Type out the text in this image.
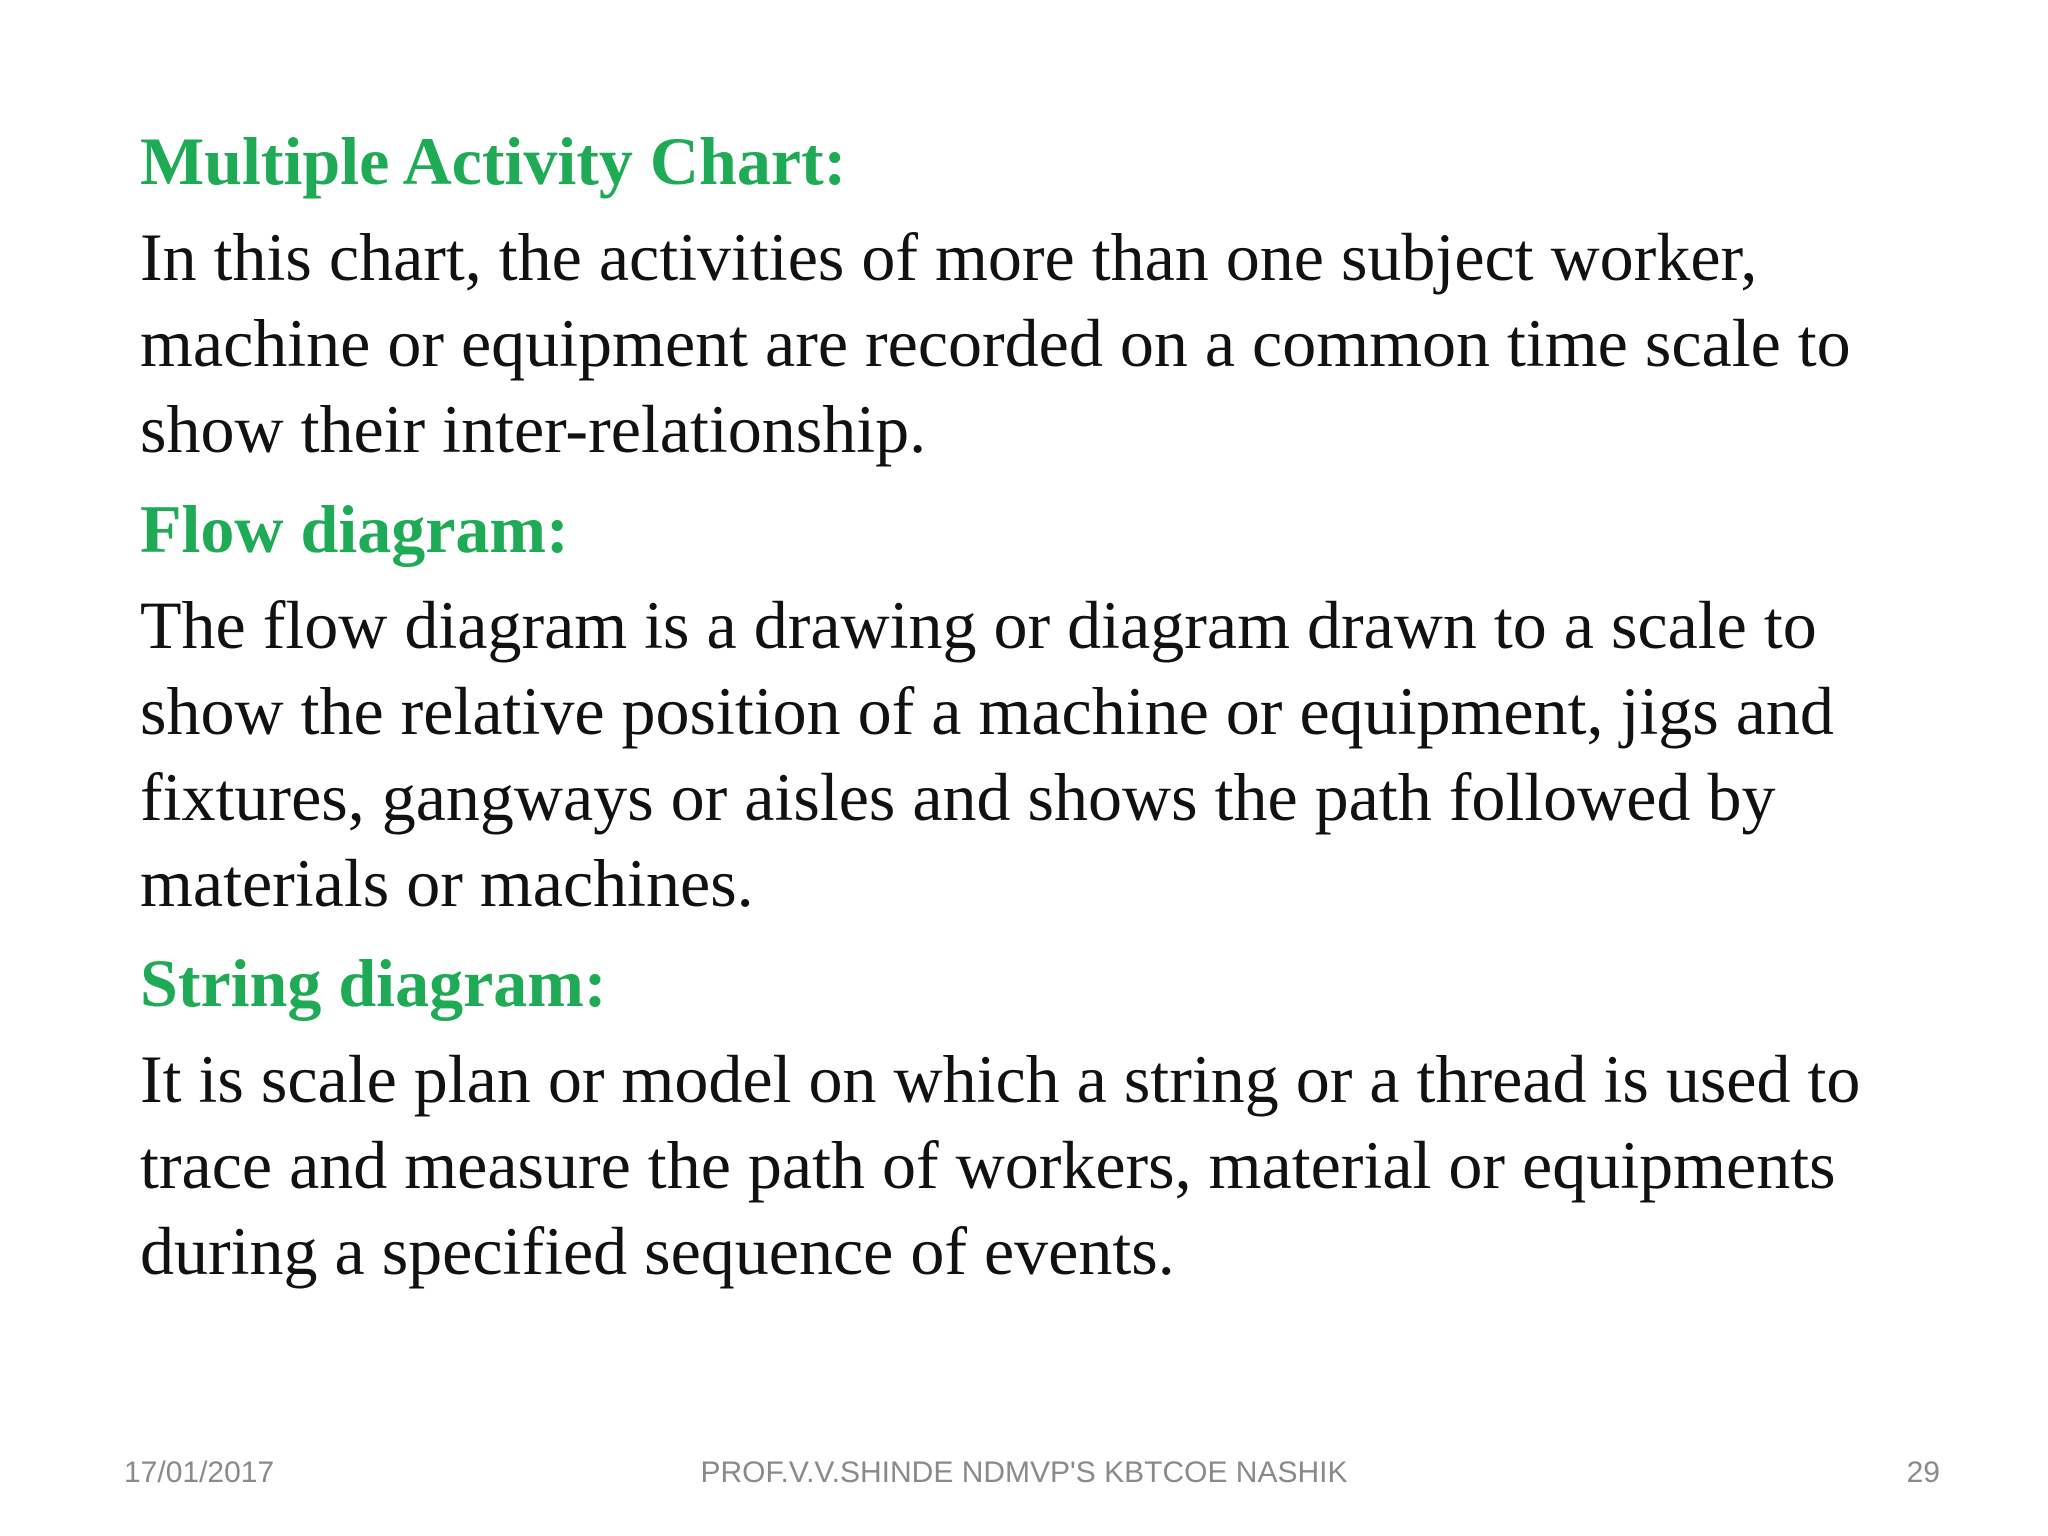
Multiple Activity Chart:

In this chart, the activities of more than one subject worker, machine or equipment are recorded on a common time scale to show their inter-relationship.

Flow diagram:

The flow diagram is a drawing or diagram drawn to a scale to show the relative position of a machine or equipment, jigs and fixtures, gangways or aisles and shows the path followed by materials or machines.

String diagram:

It is scale plan or model on which a string or a thread is used to trace and measure the path of workers, material or equipments during a specified sequence of events.

PROF.V.V.SHINDE NDMVP'S KBTCOE NASHIK
17/01/2017	29
